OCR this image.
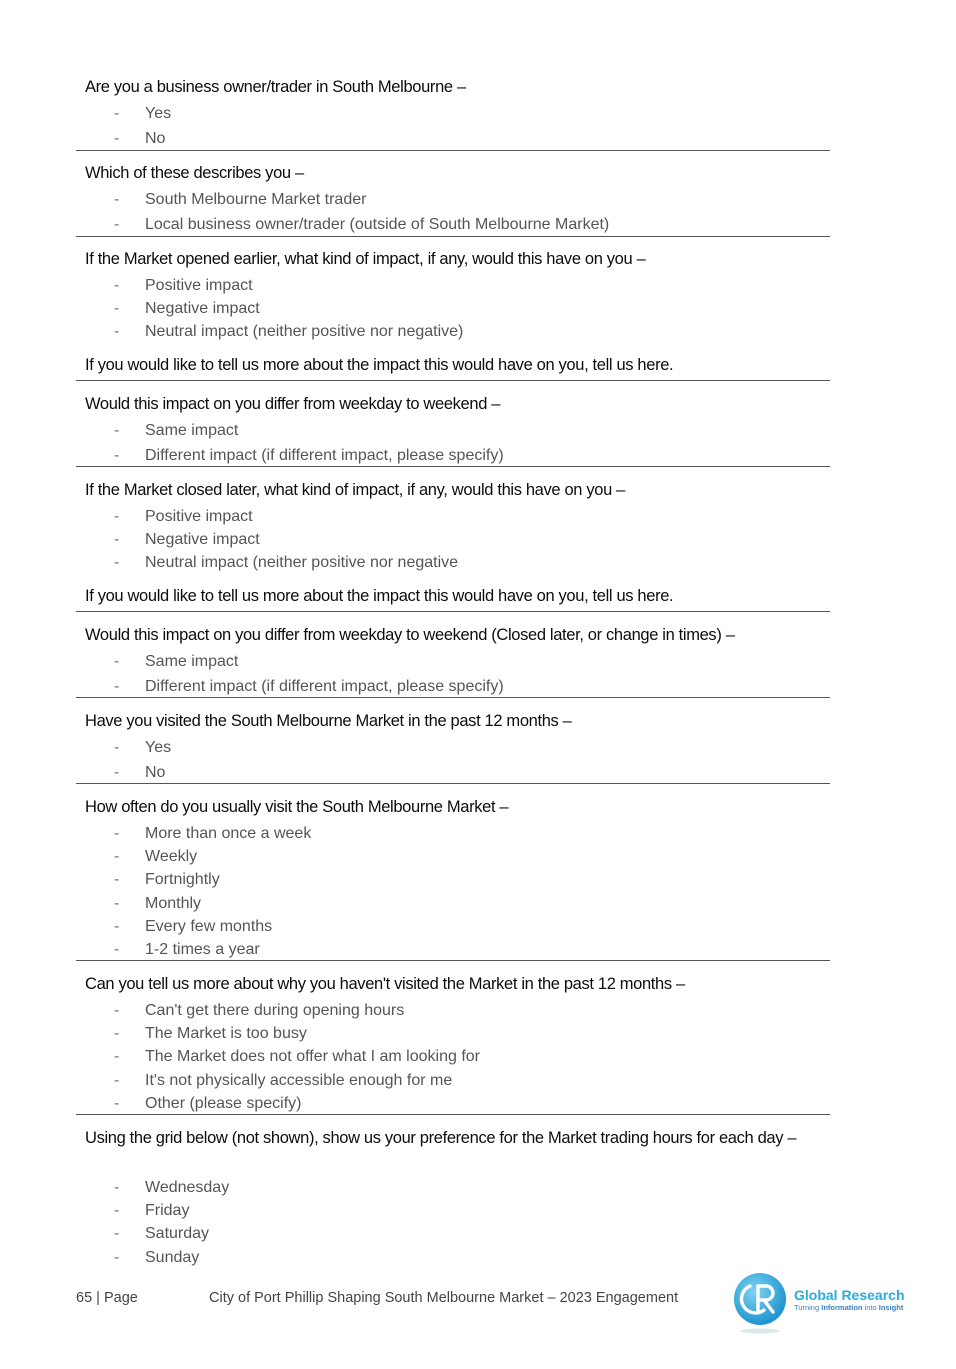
Are you a business owner/trader in South Melbourne –
- Yes
- No
Which of these describes you –
- South Melbourne Market trader
- Local business owner/trader (outside of South Melbourne Market)
If the Market opened earlier, what kind of impact, if any, would this have on you –
- Positive impact
- Negative impact
- Neutral impact (neither positive nor negative)
If you would like to tell us more about the impact this would have on you, tell us here.
Would this impact on you differ from weekday to weekend –
- Same impact
- Different impact (if different impact, please specify)
If the Market closed later, what kind of impact, if any, would this have on you –
- Positive impact
- Negative impact
- Neutral impact (neither positive nor negative
If you would like to tell us more about the impact this would have on you, tell us here.
Would this impact on you differ from weekday to weekend (Closed later, or change in times) –
- Same impact
- Different impact (if different impact, please specify)
Have you visited the South Melbourne Market in the past 12 months –
- Yes
- No
How often do you usually visit the South Melbourne Market –
- More than once a week
- Weekly
- Fortnightly
- Monthly
- Every few months
- 1-2 times a year
Can you tell us more about why you haven't visited the Market in the past 12 months –
- Can't get there during opening hours
- The Market is too busy
- The Market does not offer what I am looking for
- It's not physically accessible enough for me
- Other (please specify)
Using the grid below (not shown), show us your preference for the Market trading hours for each day –
- Wednesday
- Friday
- Saturday
- Sunday
65 | Page	City of Port Phillip Shaping South Melbourne Market – 2023 Engagement	Global Research
Turning Information into Insight
